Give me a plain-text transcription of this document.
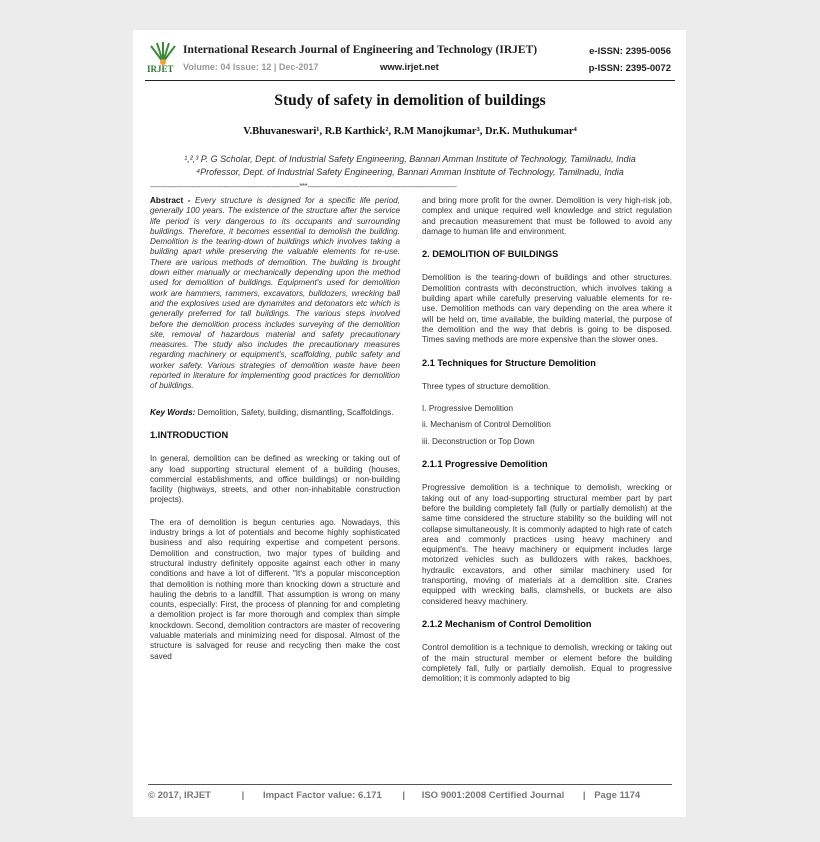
IRJET
International Research Journal of Engineering and Technology (IRJET)
Volume: 04 Issue: 12 | Dec-2017	www.irjet.net
e-ISSN: 2395-0056
p-ISSN: 2395-0072
Study of safety in demolition of buildings
V.Bhuvaneswari¹, R.B Karthick², R.M Manojkumar³, Dr.K. Muthukumar⁴
¹,²,³ P. G Scholar, Dept. of Industrial Safety Engineering, Bannari Amman Institute of Technology, Tamilnadu, India
⁴Professor, Dept. of Industrial Safety Engineering, Bannari Amman Institute of Technology, Tamilnadu, India
---------------------------------------------------------------------***---------------------------------------------------------------------

Abstract - Every structure is designed for a specific life period, generally 100 years. The existence of the structure after the service life period is very dangerous to its occupants and surrounding buildings. Therefore, it becomes essential to demolish the building. Demolition is the tearing-down of buildings which involves taking a building apart while preserving the valuable elements for re-use. There are various methods of demolition. The building is brought down either manually or mechanically depending upon the method used for demolition of buildings. Equipment's used for demolition work are hammers, rammers, excavators, bulldozers, wrecking ball and the explosives used are dynamites and detonators etc which is generally preferred for tall buildings. The various steps involved before the demolition process includes surveying of the demolition site, removal of hazardous material and safety precautionary measures. The study also includes the precautionary measures regarding machinery or equipment's, scaffolding, public safety and worker safety. Various strategies of demolition waste have been reported in literature for implementing good practices for demolition of buildings.

Key Words: Demolition, Safety, building, dismantling, Scaffoldings.

1.INTRODUCTION

In general, demolition can be defined as wrecking or taking out of any load supporting structural element of a building (houses, commercial establishments, and office buildings) or non-building facility (highways, streets, and other non-inhabitable construction projects).

The era of demolition is begun centuries ago. Nowadays, this industry brings a lot of potentials and become highly sophisticated business and also requiring expertise and competent persons. Demolition and construction, two major types of building and structural industry definitely opposite against each other in many conditions and have a lot of different. "It's a popular misconception that demolition is nothing more than knocking down a structure and hauling the debris to a landfill. That assumption is wrong on many counts, especially: First, the process of planning for and completing a demolition project is far more thorough and complex than simple knockdown. Second, demolition contractors are master of recovering valuable materials and minimizing need for disposal. Almost of the structure is salvaged for reuse and recycling then make the cost saved

and bring more profit for the owner. Demolition is very high-risk job, complex and unique required well knowledge and strict regulation and precaution measurement that must be followed to avoid any damage to human life and environment.

2. DEMOLITION OF BUILDINGS

Demolition is the tearing-down of buildings and other structures. Demolition contrasts with deconstruction, which involves taking a building apart while carefully preserving valuable elements for re-use. Demolition methods can vary depending on the area where it will be held on, time available, the building material, the purpose of the demolition and the way that debris is going to be disposed. Times saving methods are more expensive than the slower ones.

2.1 Techniques for Structure Demolition

Three types of structure demolition.

I. Progressive Demolition

ii. Mechanism of Control Demolition

iii. Deconstruction or Top Down

2.1.1 Progressive Demolition

Progressive demolition is a technique to demolish, wrecking or taking out of any load-supporting structural member part by part before the building completely fall (fully or partially demolish) at the same time considered the structure stability so the building will not collapse simultaneously. It is commonly adapted to high rate of catch area and commonly practices using heavy machinery and equipment's. The heavy machinery or equipment includes large motorized vehicles such as bulldozers with rakes, backhoes, hydraulic excavators, and other similar machinery used for transporting, moving of materials at a demolition site. Cranes equipped with wrecking balls, clamshells, or buckets are also considered heavy machinery.

2.1.2 Mechanism of Control Demolition

Control demolition is a technique to demolish, wrecking or taking out of the main structural member or element before the building completely fall, fully or partially demolish. Equal to progressive demolition; it is commonly adapted to big

© 2017, IRJET	| Impact Factor value: 6.171 | ISO 9001:2008 Certified Journal | Page 1174
